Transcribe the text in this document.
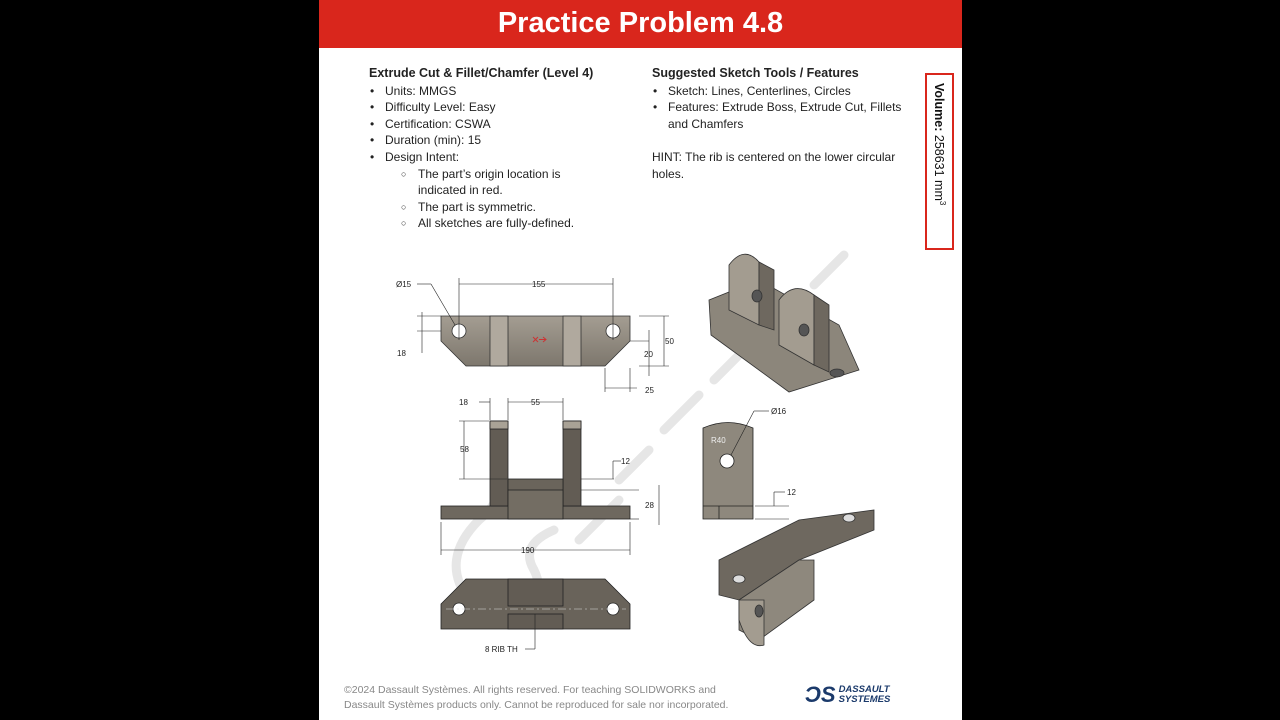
Practice Problem 4.8
Extrude Cut & Fillet/Chamfer (Level 4)
• Units: MMGS
• Difficulty Level: Easy
• Certification: CSWA
• Duration (min): 15
• Design Intent:
○ The part’s origin location is indicated in red.
○ The part is symmetric.
○ All sketches are fully-defined.
Suggested Sketch Tools / Features
• Sketch: Lines, Centerlines, Circles
• Features: Extrude Boss, Extrude Cut, Fillets and Chamfers
HINT: The rib is centered on the lower circular holes.
Volume: 258631 $mm^3$
Ø15	155
18
50
20
25
18	55
58
12
28
190
8 RIB TH
Ø16
R40
12
©2024 Dassault Systèmes. All rights reserved. For teaching SOLIDWORKS and
Dassault Systèmes products only. Cannot be reproduced for sale nor incorporated.	ƆS DASSAULT
SYSTEMES
